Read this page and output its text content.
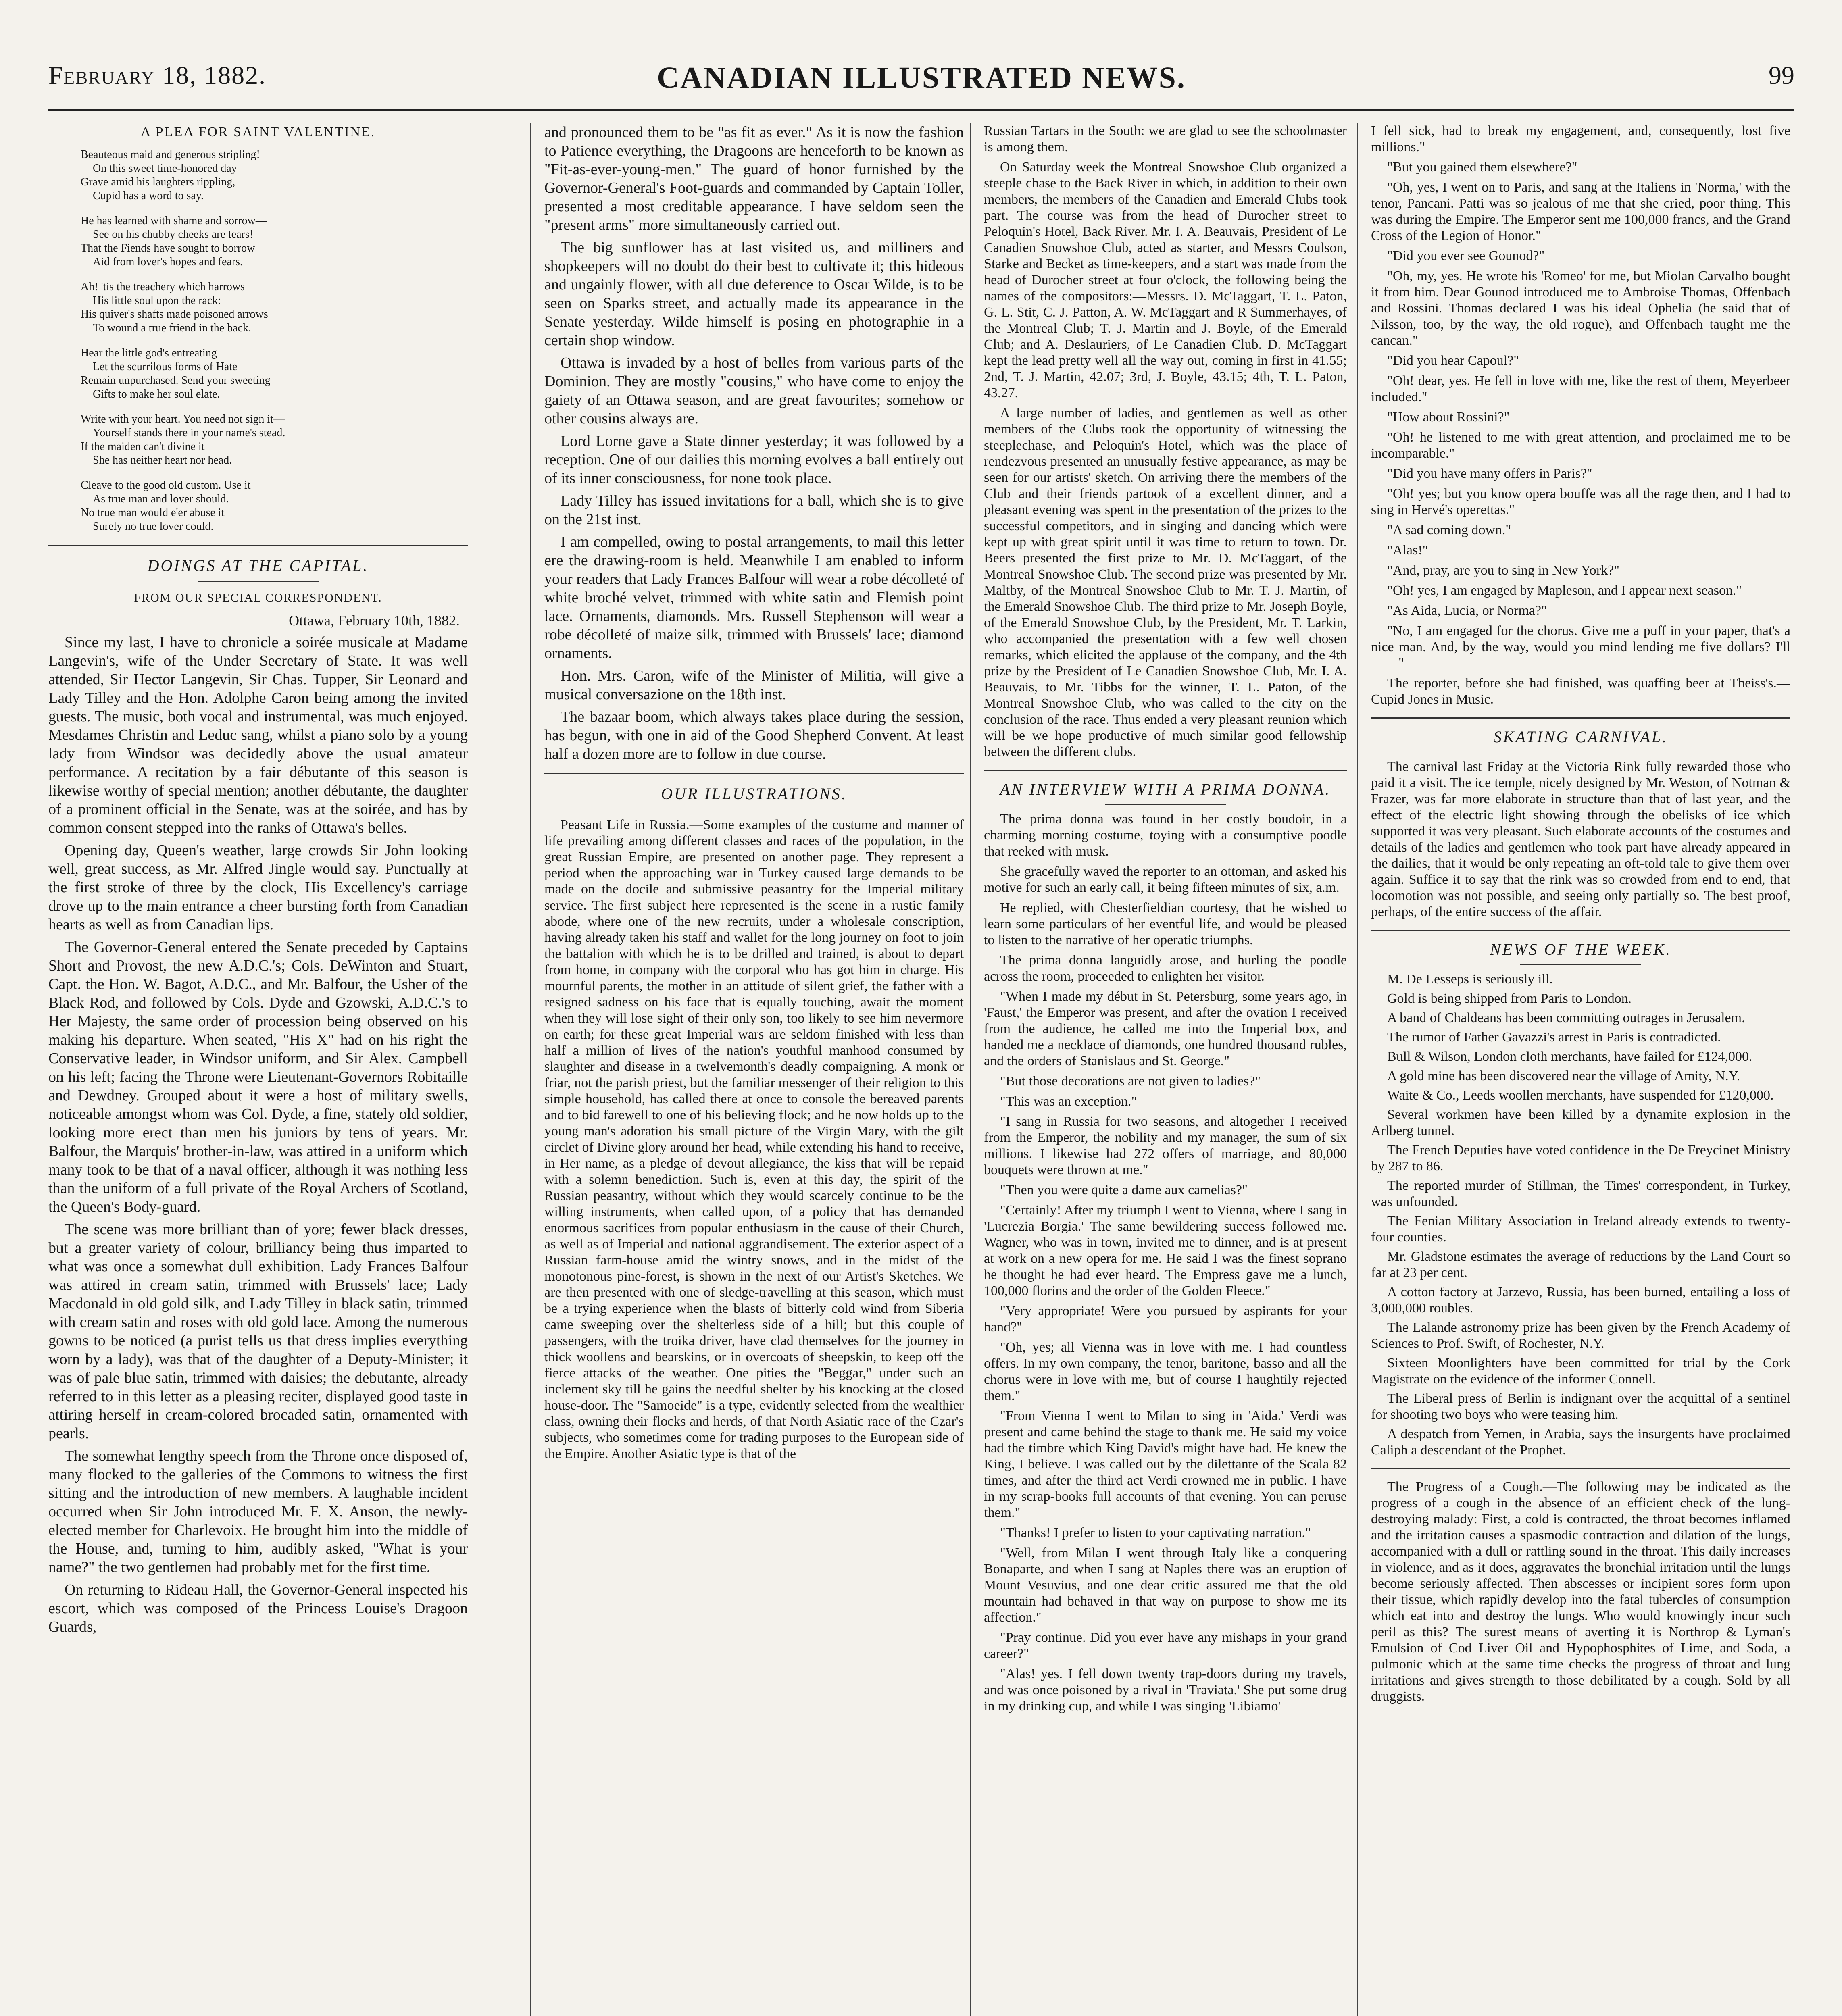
February 18, 1882.	CANADIAN ILLUSTRATED NEWS.	99
A PLEA FOR SAINT VALENTINE.
Beauteous maid and generous stripling!
On this sweet time-honored day
Grave amid his laughters rippling,
Cupid has a word to say.
He has learned with shame and sorrow—
See on his chubby cheeks are tears!
That the Fiends have sought to borrow
Aid from lover's hopes and fears.
Ah! 'tis the treachery which harrows
His little soul upon the rack:
His quiver's shafts made poisoned arrows
To wound a true friend in the back.
Hear the little god's entreating
Let the scurrilous forms of Hate
Remain unpurchased. Send your sweeting
Gifts to make her soul elate.
Write with your heart. You need not sign it—
Yourself stands there in your name's stead.
If the maiden can't divine it
She has neither heart nor head.
Cleave to the good old custom. Use it
As true man and lover should.
No true man would e'er abuse it
Surely no true lover could.
DOINGS AT THE CAPITAL.
FROM OUR SPECIAL CORRESPONDENT.
Ottawa, February 10th, 1882.

Since my last, I have to chronicle a soirée musicale at Madame Langevin's, wife of the Under Secretary of State. It was well attended, Sir Hector Langevin, Sir Chas. Tupper, Sir Leonard and Lady Tilley and the Hon. Adolphe Caron being among the invited guests. The music, both vocal and instrumental, was much enjoyed. Mesdames Christin and Leduc sang, whilst a piano solo by a young lady from Windsor was decidedly above the usual amateur performance. A recitation by a fair débutante of this season is likewise worthy of special mention; another débutante, the daughter of a prominent official in the Senate, was at the soirée, and has by common consent stepped into the ranks of Ottawa's belles.

Opening day, Queen's weather, large crowds Sir John looking well, great success, as Mr. Alfred Jingle would say. Punctually at the first stroke of three by the clock, His Excellency's carriage drove up to the main entrance a cheer bursting forth from Canadian hearts as well as from Canadian lips.

The Governor-General entered the Senate preceded by Captains Short and Provost, the new A.D.C.'s; Cols. DeWinton and Stuart, Capt. the Hon. W. Bagot, A.D.C., and Mr. Balfour, the Usher of the Black Rod, and followed by Cols. Dyde and Gzowski, A.D.C.'s to Her Majesty, the same order of procession being observed on his making his departure. When seated, "His X" had on his right the Conservative leader, in Windsor uniform, and Sir Alex. Campbell on his left; facing the Throne were Lieutenant-Governors Robitaille and Dewdney. Grouped about it were a host of military swells, noticeable amongst whom was Col. Dyde, a fine, stately old soldier, looking more erect than men his juniors by tens of years. Mr. Balfour, the Marquis' brother-in-law, was attired in a uniform which many took to be that of a naval officer, although it was nothing less than the uniform of a full private of the Royal Archers of Scotland, the Queen's Body-guard.

The scene was more brilliant than of yore; fewer black dresses, but a greater variety of colour, brilliancy being thus imparted to what was once a somewhat dull exhibition. Lady Frances Balfour was attired in cream satin, trimmed with Brussels' lace; Lady Macdonald in old gold silk, and Lady Tilley in black satin, trimmed with cream satin and roses with old gold lace. Among the numerous gowns to be noticed (a purist tells us that dress implies everything worn by a lady), was that of the daughter of a Deputy-Minister; it was of pale blue satin, trimmed with daisies; the debutante, already referred to in this letter as a pleasing reciter, displayed good taste in attiring herself in cream-colored brocaded satin, ornamented with pearls.

The somewhat lengthy speech from the Throne once disposed of, many flocked to the galleries of the Commons to witness the first sitting and the introduction of new members. A laughable incident occurred when Sir John introduced Mr. F. X. Anson, the newly-elected member for Charlevoix. He brought him into the middle of the House, and, turning to him, audibly asked, "What is your name?" the two gentlemen had probably met for the first time.

On returning to Rideau Hall, the Governor-General inspected his escort, which was composed of the Princess Louise's Dragoon Guards,

and pronounced them to be "as fit as ever." As it is now the fashion to Patience everything, the Dragoons are henceforth to be known as "Fit-as-ever-young-men." The guard of honor furnished by the Governor-General's Foot-guards and commanded by Captain Toller, presented a most creditable appearance. I have seldom seen the "present arms" more simultaneously carried out.

The big sunflower has at last visited us, and milliners and shopkeepers will no doubt do their best to cultivate it; this hideous and ungainly flower, with all due deference to Oscar Wilde, is to be seen on Sparks street, and actually made its appearance in the Senate yesterday. Wilde himself is posing en photographie in a certain shop window.

Ottawa is invaded by a host of belles from various parts of the Dominion. They are mostly "cousins," who have come to enjoy the gaiety of an Ottawa season, and are great favourites; somehow or other cousins always are.

Lord Lorne gave a State dinner yesterday; it was followed by a reception. One of our dailies this morning evolves a ball entirely out of its inner consciousness, for none took place.

Lady Tilley has issued invitations for a ball, which she is to give on the 21st inst.

I am compelled, owing to postal arrangements, to mail this letter ere the drawing-room is held. Meanwhile I am enabled to inform your readers that Lady Frances Balfour will wear a robe décolleté of white broché velvet, trimmed with white satin and Flemish point lace. Ornaments, diamonds. Mrs. Russell Stephenson will wear a robe décolleté of maize silk, trimmed with Brussels' lace; diamond ornaments.

Hon. Mrs. Caron, wife of the Minister of Militia, will give a musical conversazione on the 18th inst.

The bazaar boom, which always takes place during the session, has begun, with one in aid of the Good Shepherd Convent. At least half a dozen more are to follow in due course.

OUR ILLUSTRATIONS.

Peasant Life in Russia.—Some examples of the custume and manner of life prevailing among different classes and races of the population, in the great Russian Empire, are presented on another page. They represent a period when the approaching war in Turkey caused large demands to be made on the docile and submissive peasantry for the Imperial military service. The first subject here represented is the scene in a rustic family abode, where one of the new recruits, under a wholesale conscription, having already taken his staff and wallet for the long journey on foot to join the battalion with which he is to be drilled and trained, is about to depart from home, in company with the corporal who has got him in charge. His mournful parents, the mother in an attitude of silent grief, the father with a resigned sadness on his face that is equally touching, await the moment when they will lose sight of their only son, too likely to see him nevermore on earth; for these great Imperial wars are seldom finished with less than half a million of lives of the nation's youthful manhood consumed by slaughter and disease in a twelvemonth's deadly compaigning. A monk or friar, not the parish priest, but the familiar messenger of their religion to this simple household, has called there at once to console the bereaved parents and to bid farewell to one of his believing flock; and he now holds up to the young man's adoration his small picture of the Virgin Mary, with the gilt circlet of Divine glory around her head, while extending his hand to receive, in Her name, as a pledge of devout allegiance, the kiss that will be repaid with a solemn benediction. Such is, even at this day, the spirit of the Russian peasantry, without which they would scarcely continue to be the willing instruments, when called upon, of a policy that has demanded enormous sacrifices from popular enthusiasm in the cause of their Church, as well as of Imperial and national aggrandisement. The exterior aspect of a Russian farm-house amid the wintry snows, and in the midst of the monotonous pine-forest, is shown in the next of our Artist's Sketches. We are then presented with one of sledge-travelling at this season, which must be a trying experience when the blasts of bitterly cold wind from Siberia came sweeping over the shelterless side of a hill; but this couple of passengers, with the troika driver, have clad themselves for the journey in thick woollens and bearskins, or in overcoats of sheepskin, to keep off the fierce attacks of the weather. One pities the "Beggar," under such an inclement sky till he gains the needful shelter by his knocking at the closed house-door. The "Samoeide" is a type, evidently selected from the wealthier class, owning their flocks and herds, of that North Asiatic race of the Czar's subjects, who sometimes come for trading purposes to the European side of the Empire. Another Asiatic type is that of the

Russian Tartars in the South: we are glad to see the schoolmaster is among them.

On Saturday week the Montreal Snowshoe Club organized a steeple chase to the Back River in which, in addition to their own members, the members of the Canadien and Emerald Clubs took part. The course was from the head of Durocher street to Peloquin's Hotel, Back River. Mr. I. A. Beauvais, President of Le Canadien Snowshoe Club, acted as starter, and Messrs Coulson, Starke and Becket as time-keepers, and a start was made from the head of Durocher street at four o'clock, the following being the names of the compositors:—Messrs. D. McTaggart, T. L. Paton, G. L. Stit, C. J. Patton, A. W. McTaggart and R Summerhayes, of the Montreal Club; T. J. Martin and J. Boyle, of the Emerald Club; and A. Deslauriers, of Le Canadien Club. D. McTaggart kept the lead pretty well all the way out, coming in first in 41.55; 2nd, T. J. Martin, 42.07; 3rd, J. Boyle, 43.15; 4th, T. L. Paton, 43.27.

A large number of ladies, and gentlemen as well as other members of the Clubs took the opportunity of witnessing the steeplechase, and Peloquin's Hotel, which was the place of rendezvous presented an unusually festive appearance, as may be seen for our artists' sketch. On arriving there the members of the Club and their friends partook of a excellent dinner, and a pleasant evening was spent in the presentation of the prizes to the successful competitors, and in singing and dancing which were kept up with great spirit until it was time to return to town. Dr. Beers presented the first prize to Mr. D. McTaggart, of the Montreal Snowshoe Club. The second prize was presented by Mr. Maltby, of the Montreal Snowshoe Club to Mr. T. J. Martin, of the Emerald Snowshoe Club. The third prize to Mr. Joseph Boyle, of the Emerald Snowshoe Club, by the President, Mr. T. Larkin, who accompanied the presentation with a few well chosen remarks, which elicited the applause of the company, and the 4th prize by the President of Le Canadien Snowshoe Club, Mr. I. A. Beauvais, to Mr. Tibbs for the winner, T. L. Paton, of the Montreal Snowshoe Club, who was called to the city on the conclusion of the race. Thus ended a very pleasant reunion which will be we hope productive of much similar good fellowship between the different clubs.

AN INTERVIEW WITH A PRIMA DONNA.

The prima donna was found in her costly boudoir, in a charming morning costume, toying with a consumptive poodle that reeked with musk.

She gracefully waved the reporter to an ottoman, and asked his motive for such an early call, it being fifteen minutes of six, a.m.

He replied, with Chesterfieldian courtesy, that he wished to learn some particulars of her eventful life, and would be pleased to listen to the narrative of her operatic triumphs.

The prima donna languidly arose, and hurling the poodle across the room, proceeded to enlighten her visitor.

"When I made my début in St. Petersburg, some years ago, in 'Faust,' the Emperor was present, and after the ovation I received from the audience, he called me into the Imperial box, and handed me a necklace of diamonds, one hundred thousand rubles, and the orders of Stanislaus and St. George."

"But those decorations are not given to ladies?"

"This was an exception."

"I sang in Russia for two seasons, and altogether I received from the Emperor, the nobility and my manager, the sum of six millions. I likewise had 272 offers of marriage, and 80,000 bouquets were thrown at me."

"Then you were quite a dame aux camelias?"

"Certainly! After my triumph I went to Vienna, where I sang in 'Lucrezia Borgia.' The same bewildering success followed me. Wagner, who was in town, invited me to dinner, and is at present at work on a new opera for me. He said I was the finest soprano he thought he had ever heard. The Empress gave me a lunch, 100,000 florins and the order of the Golden Fleece."

"Very appropriate! Were you pursued by aspirants for your hand?"

"Oh, yes; all Vienna was in love with me. I had countless offers. In my own company, the tenor, baritone, basso and all the chorus were in love with me, but of course I haughtily rejected them."

"From Vienna I went to Milan to sing in 'Aida.' Verdi was present and came behind the stage to thank me. He said my voice had the timbre which King David's might have had. He knew the King, I believe. I was called out by the dilettante of the Scala 82 times, and after the third act Verdi crowned me in public. I have in my scrap-books full accounts of that evening. You can peruse them."

"Thanks! I prefer to listen to your captivating narration."

"Well, from Milan I went through Italy like a conquering Bonaparte, and when I sang at Naples there was an eruption of Mount Vesuvius, and one dear critic assured me that the old mountain had behaved in that way on purpose to show me its affection."

"Pray continue. Did you ever have any mishaps in your grand career?"

"Alas! yes. I fell down twenty trap-doors during my travels, and was once poisoned by a rival in 'Traviata.' She put some drug in my drinking cup, and while I was singing 'Libiamo'

I fell sick, had to break my engagement, and, consequently, lost five millions."

"But you gained them elsewhere?"

"Oh, yes, I went on to Paris, and sang at the Italiens in 'Norma,' with the tenor, Pancani. Patti was so jealous of me that she cried, poor thing. This was during the Empire. The Emperor sent me 100,000 francs, and the Grand Cross of the Legion of Honor."

"Did you ever see Gounod?"

"Oh, my, yes. He wrote his 'Romeo' for me, but Miolan Carvalho bought it from him. Dear Gounod introduced me to Ambroise Thomas, Offenbach and Rossini. Thomas declared I was his ideal Ophelia (he said that of Nilsson, too, by the way, the old rogue), and Offenbach taught me the cancan."

"Did you hear Capoul?"

"Oh! dear, yes. He fell in love with me, like the rest of them, Meyerbeer included."

"How about Rossini?"

"Oh! he listened to me with great attention, and proclaimed me to be incomparable."

"Did you have many offers in Paris?"

"Oh! yes; but you know opera bouffe was all the rage then, and I had to sing in Hervé's operettas."

"A sad coming down."

"Alas!"

"And, pray, are you to sing in New York?"

"Oh! yes, I am engaged by Mapleson, and I appear next season."

"As Aida, Lucia, or Norma?"

"No, I am engaged for the chorus. Give me a puff in your paper, that's a nice man. And, by the way, would you mind lending me five dollars? I'll——"

The reporter, before she had finished, was quaffing beer at Theiss's.—Cupid Jones in Music.

SKATING CARNIVAL.

The carnival last Friday at the Victoria Rink fully rewarded those who paid it a visit. The ice temple, nicely designed by Mr. Weston, of Notman & Frazer, was far more elaborate in structure than that of last year, and the effect of the electric light showing through the obelisks of ice which supported it was very pleasant. Such elaborate accounts of the costumes and details of the ladies and gentlemen who took part have already appeared in the dailies, that it would be only repeating an oft-told tale to give them over again. Suffice it to say that the rink was so crowded from end to end, that locomotion was not possible, and seeing only partially so. The best proof, perhaps, of the entire success of the affair.

NEWS OF THE WEEK.

M. De Lesseps is seriously ill.

Gold is being shipped from Paris to London.

A band of Chaldeans has been committing outrages in Jerusalem.

The rumor of Father Gavazzi's arrest in Paris is contradicted.

Bull & Wilson, London cloth merchants, have failed for £124,000.

A gold mine has been discovered near the village of Amity, N.Y.

Waite & Co., Leeds woollen merchants, have suspended for £120,000.

Several workmen have been killed by a dynamite explosion in the Arlberg tunnel.

The French Deputies have voted confidence in the De Freycinet Ministry by 287 to 86.

The reported murder of Stillman, the Times' correspondent, in Turkey, was unfounded.

The Fenian Military Association in Ireland already extends to twenty-four counties.

Mr. Gladstone estimates the average of reductions by the Land Court so far at 23 per cent.

A cotton factory at Jarzevo, Russia, has been burned, entailing a loss of 3,000,000 roubles.

The Lalande astronomy prize has been given by the French Academy of Sciences to Prof. Swift, of Rochester, N.Y.

Sixteen Moonlighters have been committed for trial by the Cork Magistrate on the evidence of the informer Connell.

The Liberal press of Berlin is indignant over the acquittal of a sentinel for shooting two boys who were teasing him.

A despatch from Yemen, in Arabia, says the insurgents have proclaimed Caliph a descendant of the Prophet.

The Progress of a Cough.—The following may be indicated as the progress of a cough in the absence of an efficient check of the lung-destroying malady: First, a cold is contracted, the throat becomes inflamed and the irritation causes a spasmodic contraction and dilation of the lungs, accompanied with a dull or rattling sound in the throat. This daily increases in violence, and as it does, aggravates the bronchial irritation until the lungs become seriously affected. Then abscesses or incipient sores form upon their tissue, which rapidly develop into the fatal tubercles of consumption which eat into and destroy the lungs. Who would knowingly incur such peril as this? The surest means of averting it is Northrop & Lyman's Emulsion of Cod Liver Oil and Hypophosphites of Lime, and Soda, a pulmonic which at the same time checks the progress of throat and lung irritations and gives strength to those debilitated by a cough. Sold by all druggists.
